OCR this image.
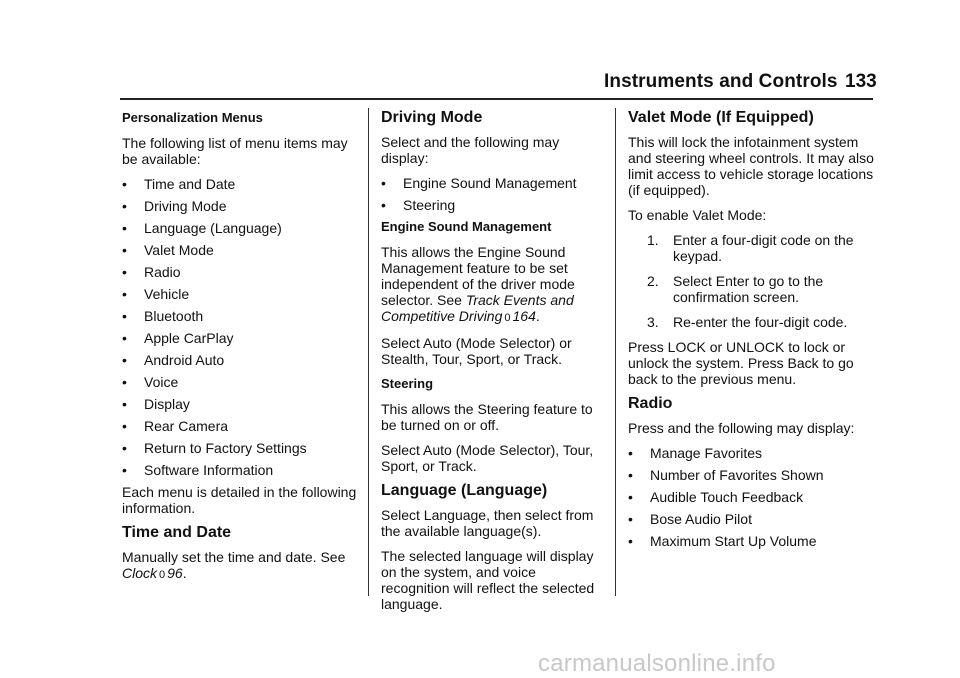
Instruments and Controls 133
Personalization Menus
The following list of menu items may be available:
• Time and Date
• Driving Mode
• Language (Language)
• Valet Mode
• Radio
• Vehicle
• Bluetooth
• Apple CarPlay
• Android Auto
• Voice
• Display
• Rear Camera
• Return to Factory Settings
• Software Information
Each menu is detailed in the following information.
Time and Date
Manually set the time and date. See Clock 0 96.
Driving Mode
Select and the following may display:
• Engine Sound Management
• Steering
Engine Sound Management
This allows the Engine Sound Management feature to be set independent of the driver mode selector. See Track Events and Competitive Driving 0 164.
Select Auto (Mode Selector) or Stealth, Tour, Sport, or Track.
Steering
This allows the Steering feature to be turned on or off.
Select Auto (Mode Selector), Tour, Sport, or Track.
Language (Language)
Select Language, then select from the available language(s).
The selected language will display on the system, and voice recognition will reflect the selected language.
Valet Mode (If Equipped)
This will lock the infotainment system and steering wheel controls. It may also limit access to vehicle storage locations (if equipped).
To enable Valet Mode:
1. Enter a four-digit code on the keypad.
2. Select Enter to go to the confirmation screen.
3. Re-enter the four-digit code.
Press LOCK or UNLOCK to lock or unlock the system. Press Back to go back to the previous menu.
Radio
Press and the following may display:
• Manage Favorites
• Number of Favorites Shown
• Audible Touch Feedback
• Bose Audio Pilot
• Maximum Start Up Volume
carmanualsonline.info
